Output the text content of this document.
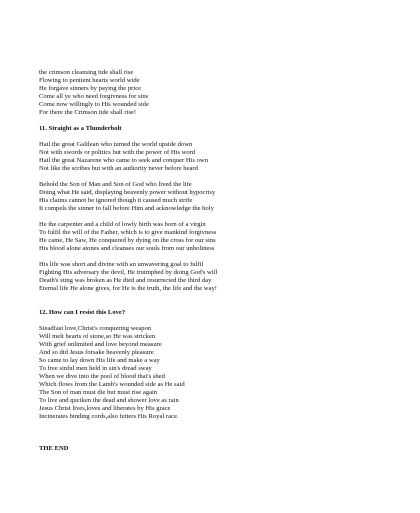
the crimson cleansing tide shall rise
Flowing to penitent hearts world wide
He forgave sinners by paying the price
Come all ye who need forgivness for sins
Come now willingly to His wounded side
For there the Crimson tide shall rise!
11. Straight as a Thunderbolt
Hail the great Galilean who turned the world upside down
Not with swords or politics but with the power of His word
Hail the great Nazarene who came to seek and conquer His own
Not like the scribes but with an authority never before heard
Behold the Son of Man and Son of God who lived the life
Doing what He said, displaying heavenly power without hypocrisy
His claims cannot be ignored though it caused much strife
It compels the sinner to fall before Him and acknowledge the holy
He the carpenter and a child of lowly birth was born of a virgin
To fulfil the will of the Father, which is to give mankind forgivness
He came, He Saw, He conquered by dying on the cross for our sins
His blood alone atones and cleanses our souls from our unholiness
His life was short and divine with an unwavering goal to fulfil
Fighting His adversary the devil, He truimphed by doing God's will
Death's sting was broken as He died and resurrected the third day
Eternal life He alone gives, for He is the truth, the life and the way!
12. How can I resist this Love?
Steadfast love,Christ's conquering weapon
Will melt hearts of stone,so He was stricken
With grief unlimited and love beyond measure
And so did Jesus forsake heavenly pleasure
So came to lay down His life and make a way
To free sinful men held in sin's dread sway
When we dive into the pool of blood that's shed
Which flows from the Lamb's wounded side as He said
The Son of man must die but must rise again
To live and quciken the dead and shower love as rain
Jesus Christ lives,loves and liberates by His grace
Incinerates binding cords,also fetters His Royal race.
THE END
